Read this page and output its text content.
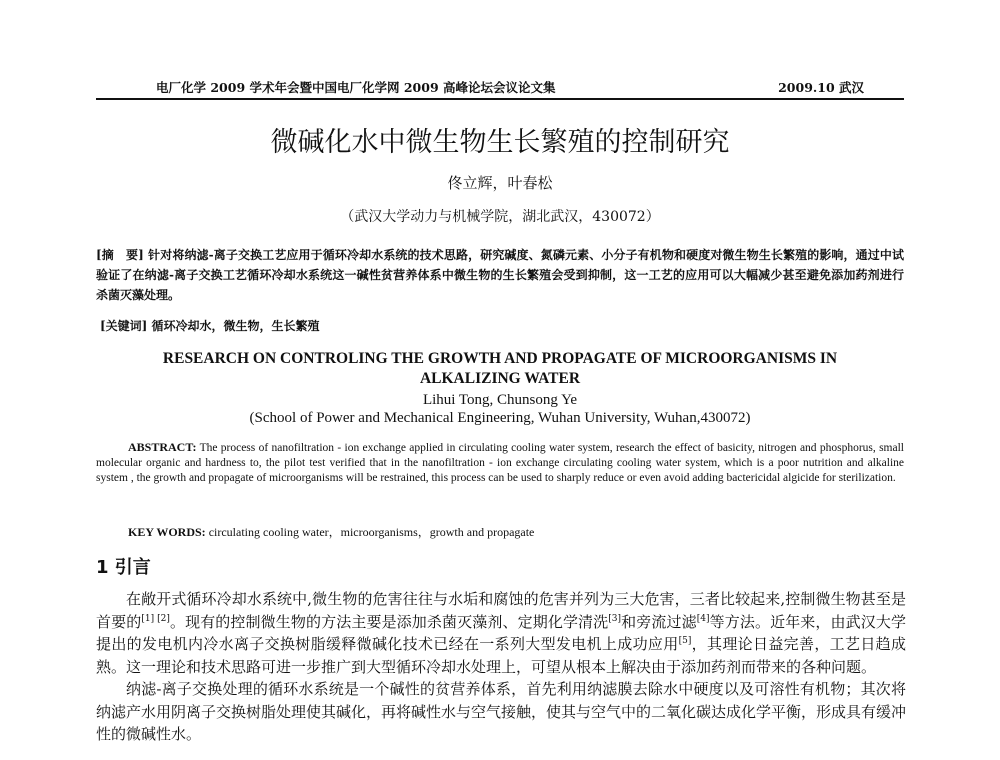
电厂化学 2009 学术年会暨中国电厂化学网 2009 高峰论坛会议论文集	2009.10 武汉
微碱化水中微生物生长繁殖的控制研究
佟立辉，叶春松
（武汉大学动力与机械学院，湖北武汉，430072）
[摘　要] 针对将纳滤-离子交换工艺应用于循环冷却水系统的技术思路，研究碱度、氮磷元素、小分子有机物和硬度对微生物生长繁殖的影响，通过中试验证了在纳滤-离子交换工艺循环冷却水系统这一碱性贫营养体系中微生物的生长繁殖会受到抑制，这一工艺的应用可以大幅减少甚至避免添加药剂进行杀菌灭藻处理。
[关键词] 循环冷却水，微生物，生长繁殖
RESEARCH ON CONTROLING THE GROWTH AND PROPAGATE OF MICROORGANISMS IN
ALKALIZING WATER
Lihui Tong, Chunsong Ye
(School of Power and Mechanical Engineering, Wuhan University, Wuhan,430072)
ABSTRACT: The process of nanofiltration - ion exchange applied in circulating cooling water system, research the effect of basicity, nitrogen and phosphorus, small molecular organic and hardness to, the pilot test verified that in the nanofiltration - ion exchange circulating cooling water system, which is a poor nutrition and alkaline system , the growth and propagate of microorganisms will be restrained, this process can be used to sharply reduce or even avoid adding bactericidal algicide for sterilization.
KEY WORDS: circulating cooling water，microorganisms，growth and propagate
1 引言

在敞开式循环冷却水系统中,微生物的危害往往与水垢和腐蚀的危害并列为三大危害，三者比较起来,控制微生物甚至是首要的[1] [2]。现有的控制微生物的方法主要是添加杀菌灭藻剂、定期化学清洗[3]和旁流过滤[4]等方法。近年来，由武汉大学提出的发电机内冷水离子交换树脂缓释微碱化技术已经在一系列大型发电机上成功应用[5]，其理论日益完善，工艺日趋成熟。这一理论和技术思路可进一步推广到大型循环冷却水处理上，可望从根本上解决由于添加药剂而带来的各种问题。

纳滤-离子交换处理的循环水系统是一个碱性的贫营养体系，首先利用纳滤膜去除水中硬度以及可溶性有机物；其次将纳滤产水用阴离子交换树脂处理使其碱化，再将碱性水与空气接触，使其与空气中的二氧化碳达成化学平衡，形成具有缓冲性的微碱性水。
